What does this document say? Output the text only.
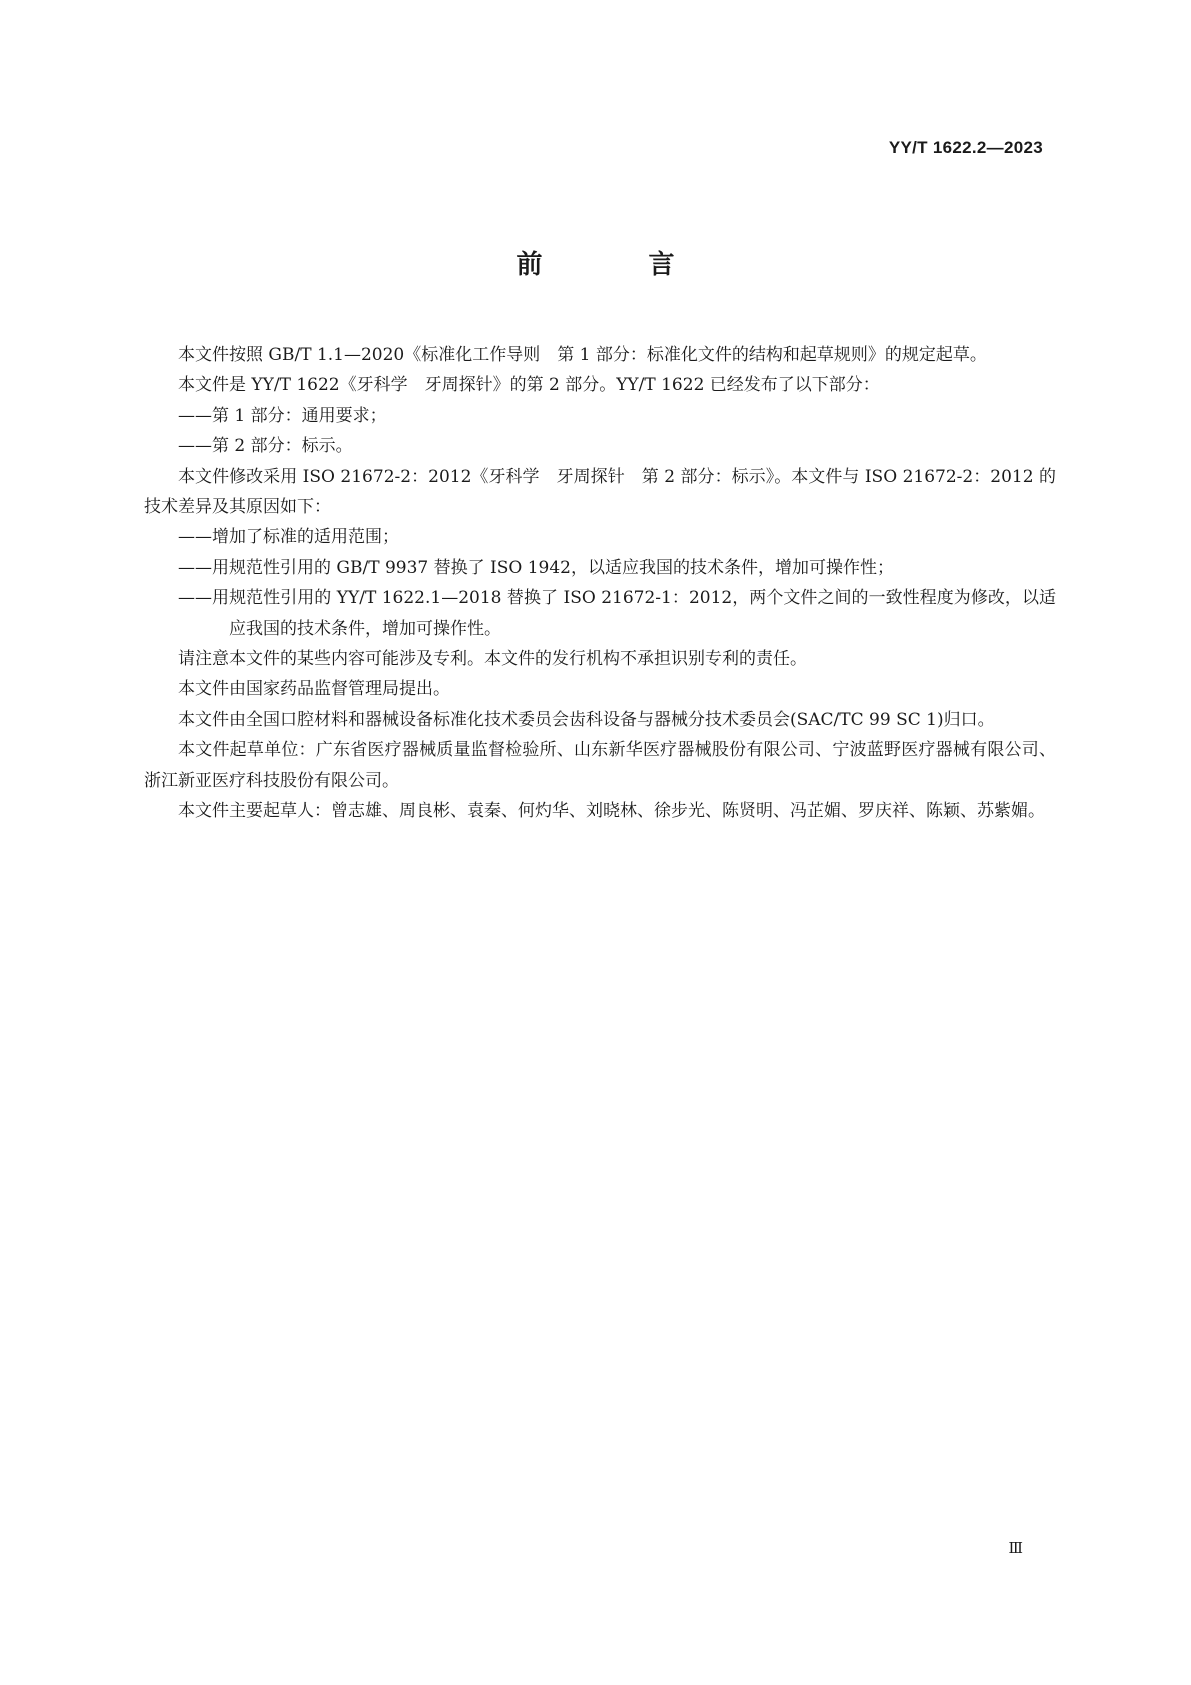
YY/T 1622.2—2023
前　言

本文件按照 GB/T 1.1—2020《标准化工作导则　第 1 部分：标准化文件的结构和起草规则》的规定起草。

本文件是 YY/T 1622《牙科学　牙周探针》的第 2 部分。YY/T 1622 已经发布了以下部分：

——第 1 部分：通用要求；

——第 2 部分：标示。

本文件修改采用 ISO 21672-2：2012《牙科学　牙周探针　第 2 部分：标示》。本文件与 ISO 21672-2：2012 的技术差异及其原因如下：

——增加了标准的适用范围；

——用规范性引用的 GB/T 9937 替换了 ISO 1942，以适应我国的技术条件，增加可操作性；

——用规范性引用的 YY/T 1622.1—2018 替换了 ISO 21672-1：2012，两个文件之间的一致性程度为修改，以适应我国的技术条件，增加可操作性。

请注意本文件的某些内容可能涉及专利。本文件的发行机构不承担识别专利的责任。

本文件由国家药品监督管理局提出。

本文件由全国口腔材料和器械设备标准化技术委员会齿科设备与器械分技术委员会(SAC/TC 99 SC 1)归口。

本文件起草单位：广东省医疗器械质量监督检验所、山东新华医疗器械股份有限公司、宁波蓝野医疗器械有限公司、浙江新亚医疗科技股份有限公司。

本文件主要起草人：曾志雄、周良彬、袁秦、何灼华、刘晓林、徐步光、陈贤明、冯芷媚、罗庆祥、陈颖、苏紫媚。

Ⅲ
